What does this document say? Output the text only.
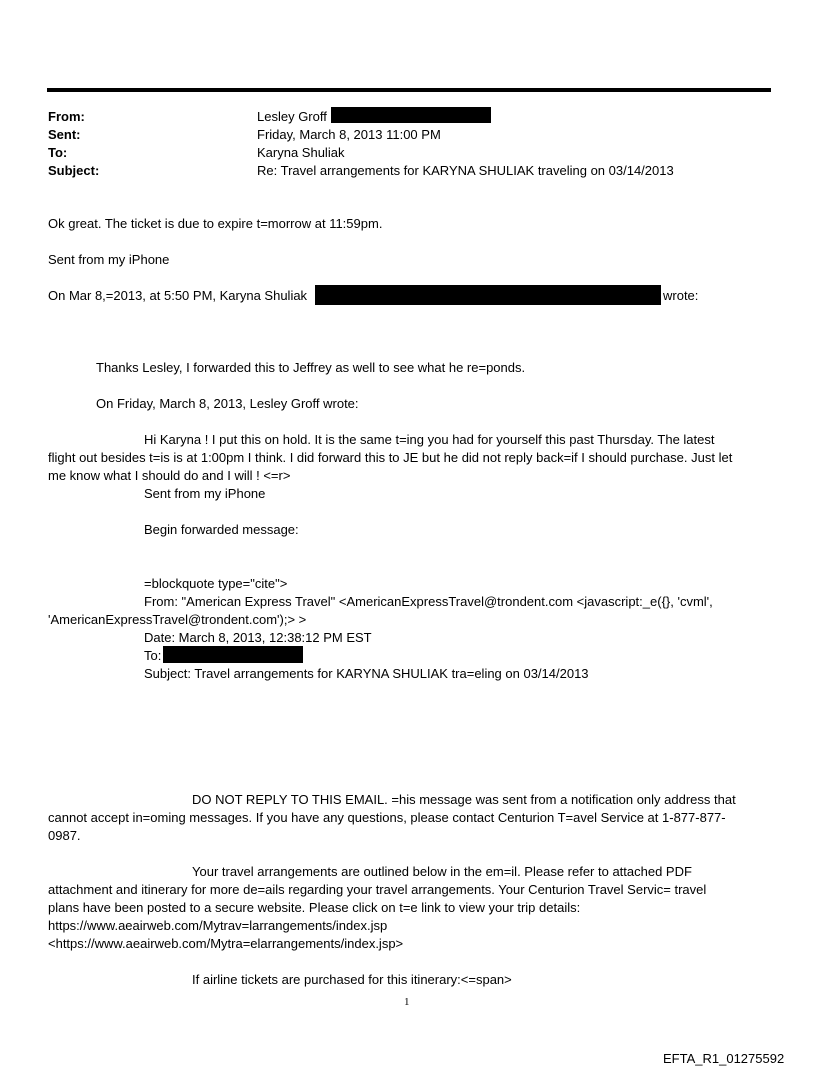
From:	Lesley Groff
Sent:	Friday, March 8, 2013 11:00 PM
To:	Karyna Shuliak
Subject:	Re: Travel arrangements for KARYNA SHULIAK traveling on 03/14/2013
Ok great. The ticket is due to expire t=morrow at 11:59pm.
Sent from my iPhone
On Mar 8,=2013, at 5:50 PM, Karyna Shuliak	wrote:
Thanks Lesley, I forwarded this to Jeffrey as well to see what he re=ponds.
On Friday, March 8, 2013, Lesley Groff wrote:
Hi Karyna ! I put this on hold. It is the same t=ing you had for yourself this past Thursday. The latest
flight out besides t=is is at 1:00pm I think. I did forward this to JE but he did not reply back=if I should purchase. Just let
me know what I should do and I will ! <=r>
Sent from my iPhone
Begin forwarded message:
=blockquote type="cite">
From: "American Express Travel" <AmericanExpressTravel@trondent.com <javascript:_e({}, 'cvml',
'AmericanExpressTravel@trondent.com');> >
Date: March 8, 2013, 12:38:12 PM EST
To:
Subject: Travel arrangements for KARYNA SHULIAK tra=eling on 03/14/2013
DO NOT REPLY TO THIS EMAIL. =his message was sent from a notification only address that
cannot accept in=oming messages. If you have any questions, please contact Centurion T=avel Service at 1-877-877-
0987.
Your travel arrangements are outlined below in the em=il. Please refer to attached PDF
attachment and itinerary for more de=ails regarding your travel arrangements. Your Centurion Travel Servic= travel
plans have been posted to a secure website. Please click on t=e link to view your trip details:
https://www.aeairweb.com/Mytrav=larrangements/index.jsp
<https://www.aeairweb.com/Mytra=elarrangements/index.jsp>
If airline tickets are purchased for this itinerary:<=span>
1
EFTA_R1_01275592
